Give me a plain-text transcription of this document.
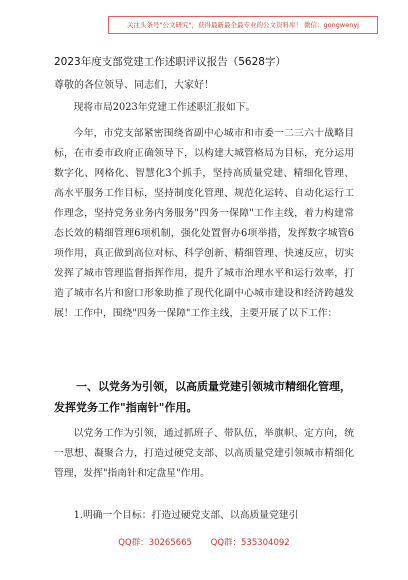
关注头条号"公文研究"，获得最新最全最专业的公文资料库！ 微信：gongwenyj
2023年度支部党建工作述职评议报告（5628字）
尊敬的各位领导、同志们，大家好！

现将市局2023年党建工作述职汇报如下。

今年，市党支部紧密围绕省副中心城市和市委一二三六十战略目标，在市委市政府正确领导下，以构建大城管格局为目标，充分运用数字化、网格化、智慧化3个抓手，坚持高质量党建、精细化管理、高水平服务工作目标，坚持制度化管理、规范化运转、自动化运行工作理念，坚持党务业务内务服务"四务一保障"工作主线，着力构建常态长效的精细管理6项机制，强化处置督办6项举措，发挥数字城管6项作用，真正做到高位对标、科学创新、精细管理、快速反应，切实发挥了城市管理监督指挥作用，提升了城市治理水平和运行效率，打造了城市名片和窗口形象助推了现代化副中心城市建设和经济跨越发展！工作中，围绕"四务一保障"工作主线，主要开展了以下工作：

一、以党务为引领，以高质量党建引领城市精细化管理，发挥党务工作"指南针"作用。

以党务工作为引领，通过抓班子、带队伍，举旗帜、定方向，统一思想、凝聚合力，打造过硬党支部、以高质量党建引领城市精细化管理，发挥"指南针和定盘星"作用。

1.明确一个目标：打造过硬党支部、以高质量党建引

QQ群：30265665 QQ群：535304092
